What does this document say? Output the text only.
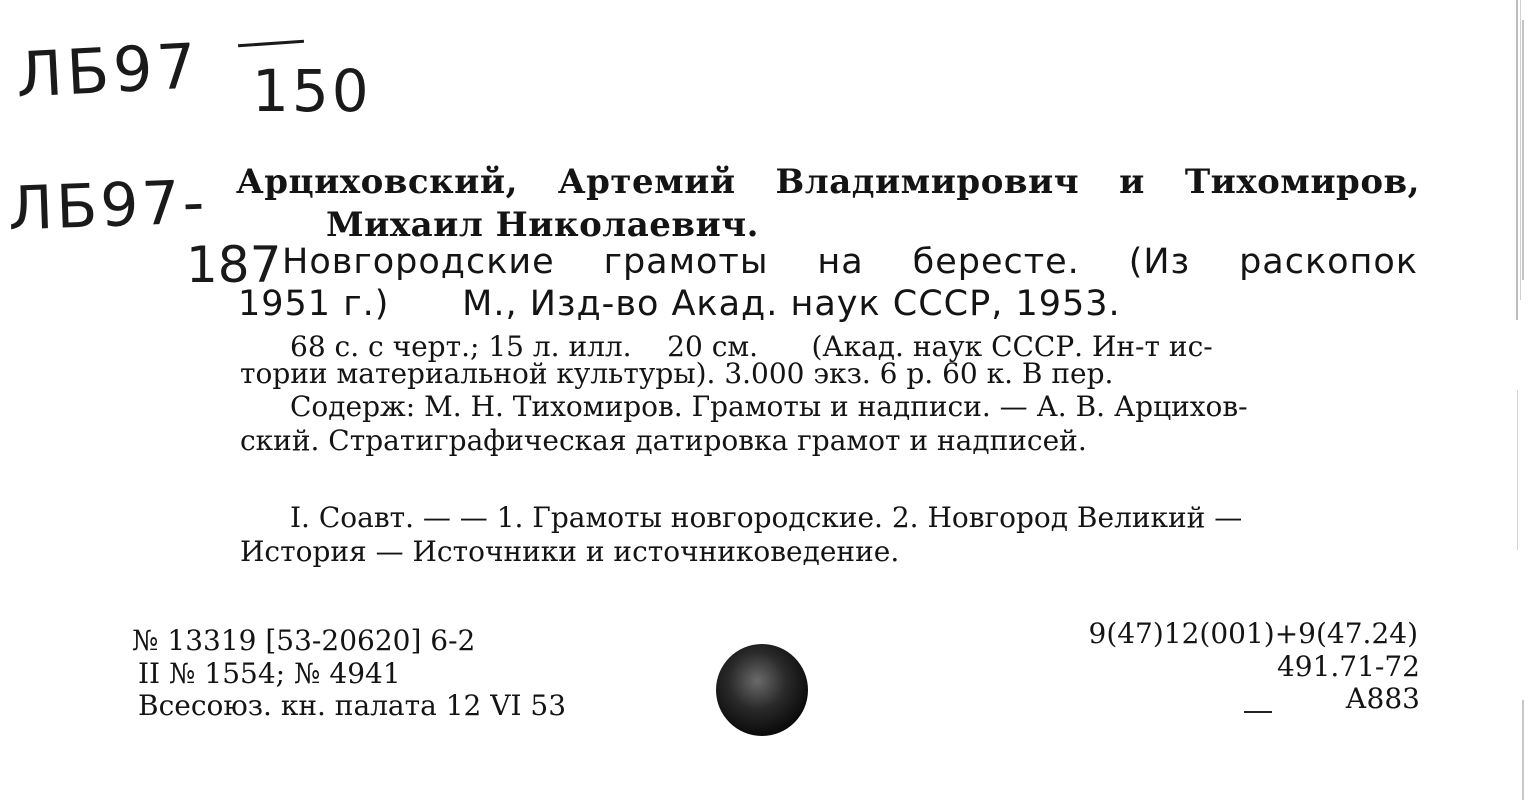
ЛБ97 150
ЛБ97-
187
Арциховский, Артемий Владимирович и Тихомиров,
Михаил Николаевич.
Новгородские грамоты на бересте. (Из раскопок
1951 г.)      М., Изд-во Акад. наук СССР, 1953.
68 с. с черт.; 15 л. илл.    20 см.      (Акад. наук СССР. Ин-т ис-
тории материальной культуры). 3.000 экз. 6 р. 60 к. В пер.
Содерж: М. Н. Тихомиров. Грамоты и надписи. — А. В. Арцихов-
ский. Стратиграфическая датировка грамот и надписей.
I. Соавт. — — 1. Грамоты новгородские. 2. Новгород Великий —
История — Источники и источниковедение.
№ 13319 [53-20620] 6-2
II № 1554; № 4941
Всесоюз. кн. палата 12 VI 53
9(47)12(001)+9(47.24)
491.71-72
А883
